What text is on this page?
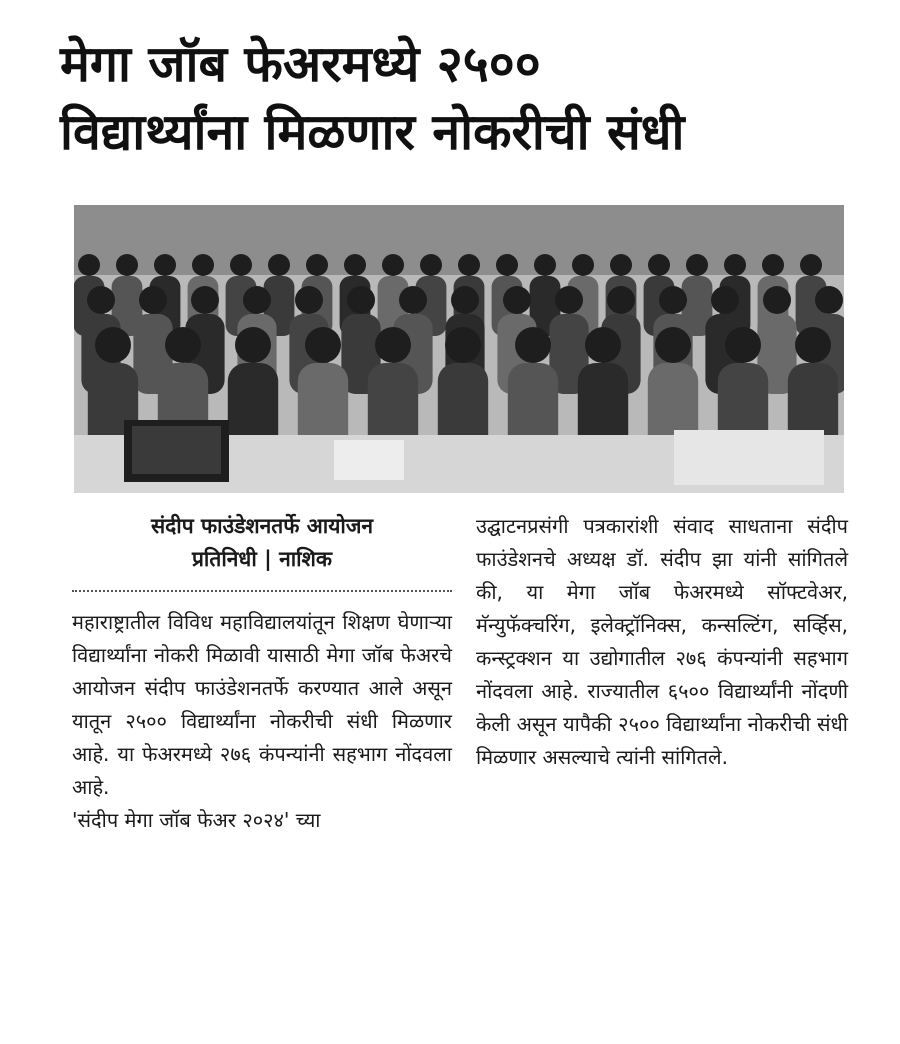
मेगा जॉब फेअरमध्ये २५००
विद्यार्थ्यांना मिळणार नोकरीची संधी
संदीप फाउंडेशनतर्फे आयोजन
प्रतिनिधी | नाशिक

महाराष्ट्रातील विविध महाविद्यालयांतून शिक्षण घेणाऱ्या विद्यार्थ्यांना नोकरी मिळावी यासाठी मेगा जॉब फेअरचे आयोजन संदीप फाउंडेशनतर्फे करण्यात आले असून यातून २५०० विद्यार्थ्यांना नोकरीची संधी मिळणार आहे. या फेअरमध्ये २७६ कंपन्यांनी सहभाग नोंदवला आहे.

'संदीप मेगा जॉब फेअर २०२४' च्या

उद्घाटनप्रसंगी पत्रकारांशी संवाद साधताना संदीप फाउंडेशनचे अध्यक्ष डॉ. संदीप झा यांनी सांगितले की, या मेगा जॉब फेअरमध्ये सॉफ्टवेअर, मॅन्युफॅक्चरिंग, इलेक्ट्रॉनिक्स, कन्सल्टिंग, सर्व्हिस, कन्स्ट्रक्शन या उद्योगातील २७६ कंपन्यांनी सहभाग नोंदवला आहे. राज्यातील ६५०० विद्यार्थ्यांनी नोंदणी केली असून यापैकी २५०० विद्यार्थ्यांना नोकरीची संधी मिळणार असल्याचे त्यांनी सांगितले.
